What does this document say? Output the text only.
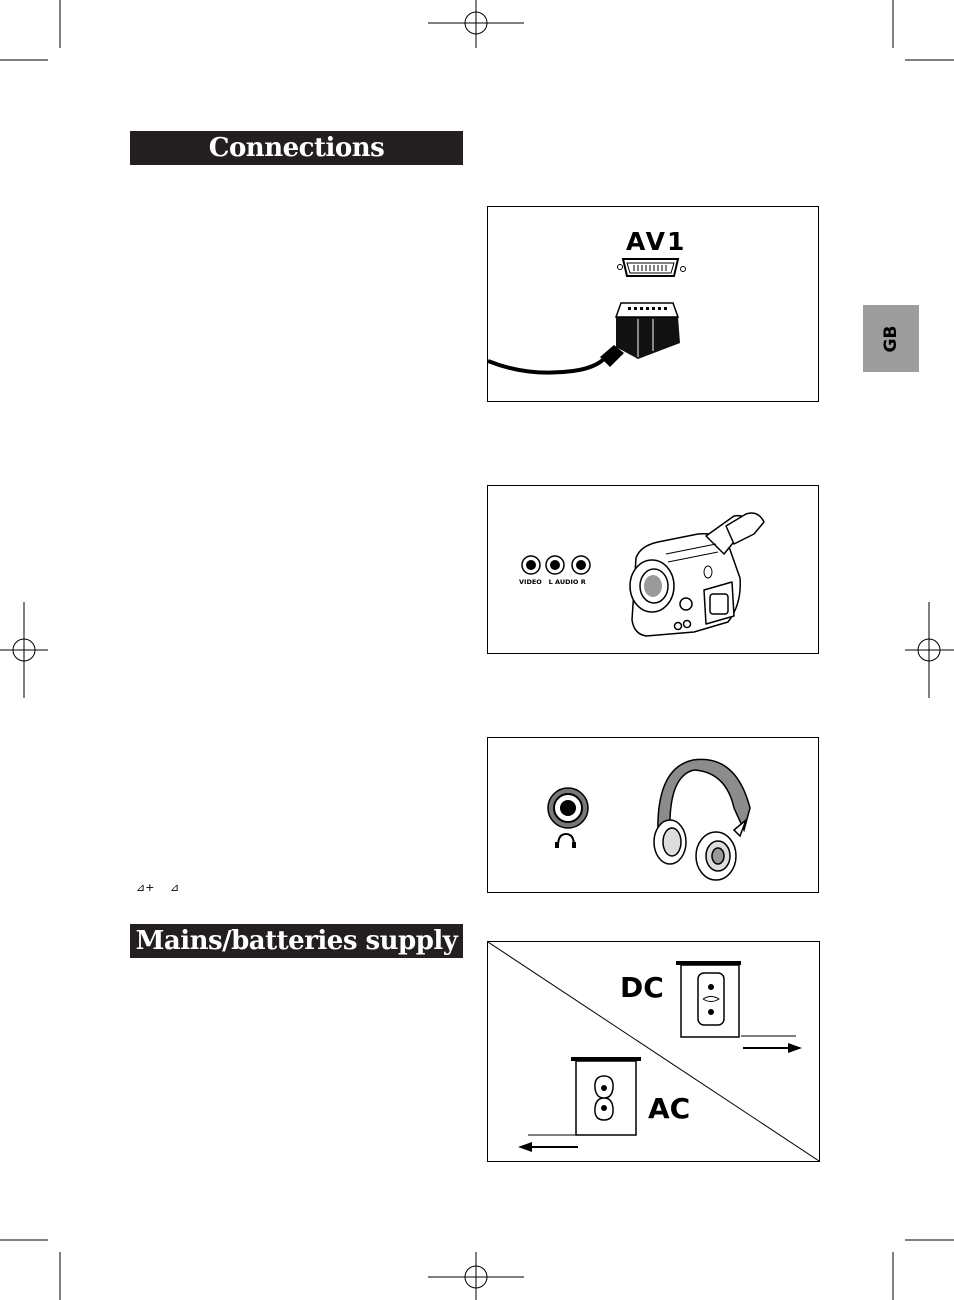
Connections
Mains/batteries supply
GB
AV1
VIDEO   L AUDIO R
⊿+ ⊿
DC
AC
